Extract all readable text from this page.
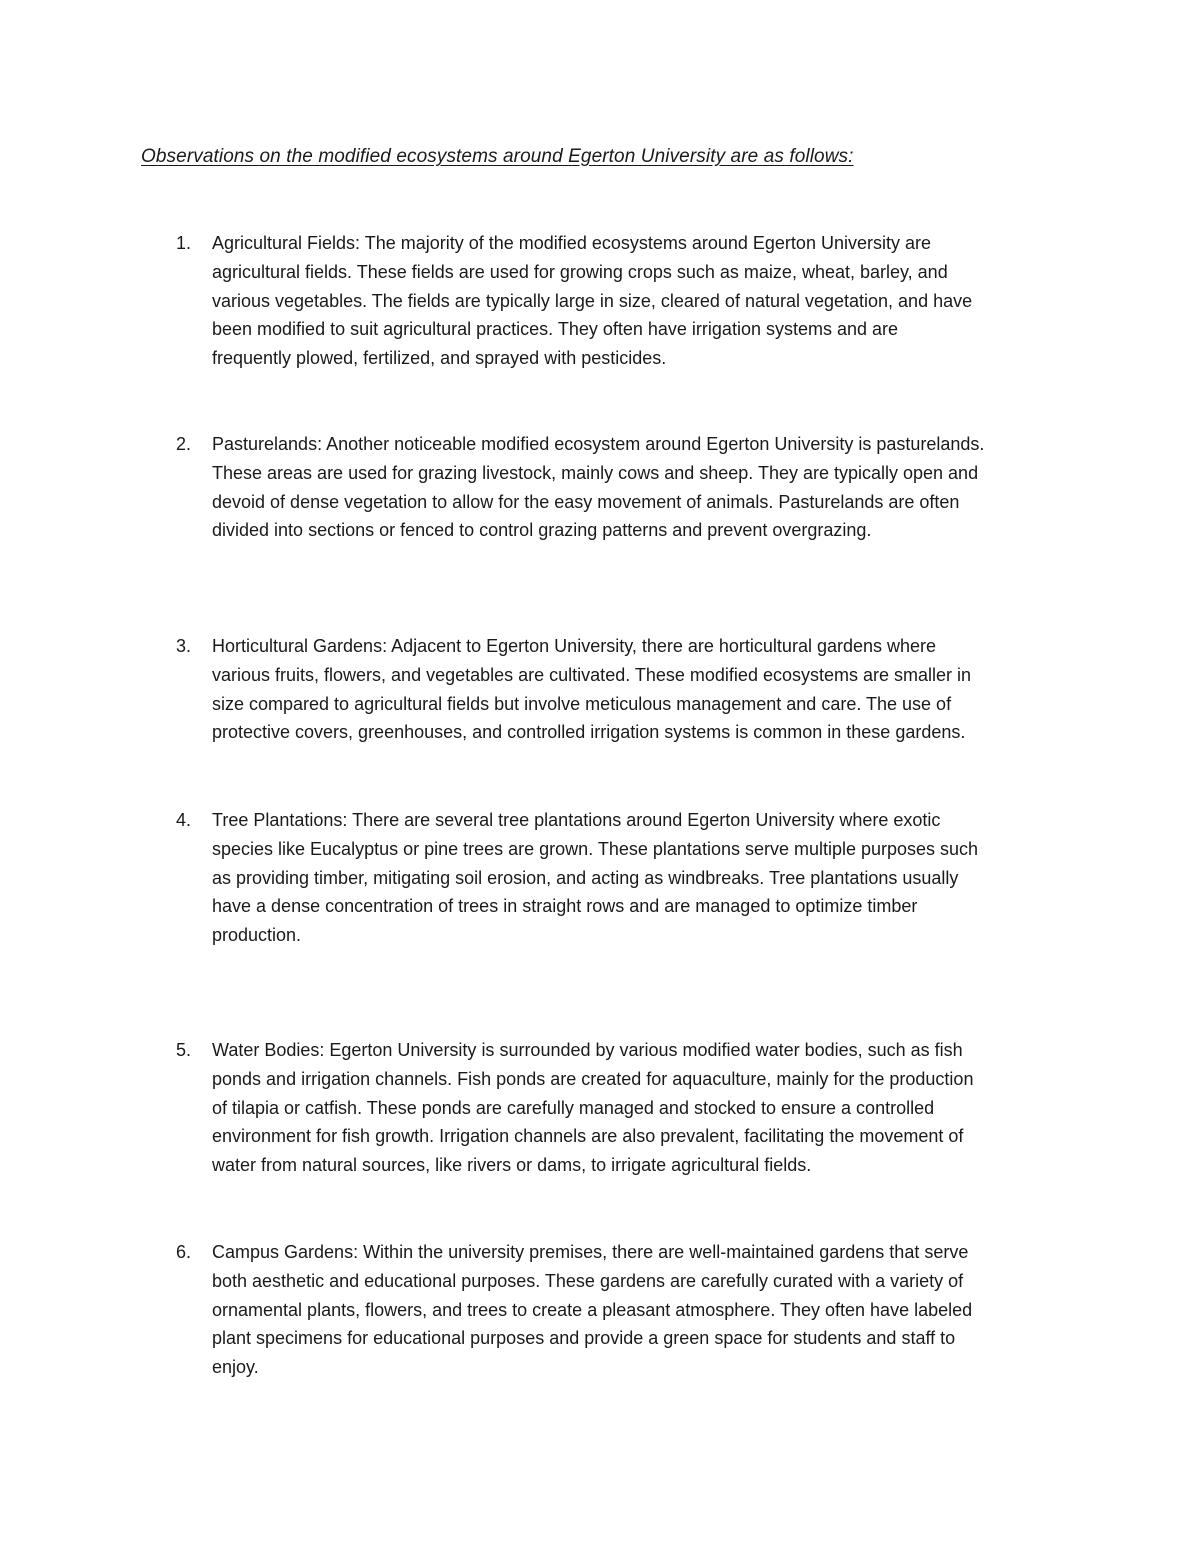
Observations on the modified ecosystems around Egerton University are as follows:
1. Agricultural Fields: The majority of the modified ecosystems around Egerton University are
agricultural fields. These fields are used for growing crops such as maize, wheat, barley, and
various vegetables. The fields are typically large in size, cleared of natural vegetation, and have
been modified to suit agricultural practices. They often have irrigation systems and are
frequently plowed, fertilized, and sprayed with pesticides.

2. Pasturelands: Another noticeable modified ecosystem around Egerton University is pasturelands.
These areas are used for grazing livestock, mainly cows and sheep. They are typically open and
devoid of dense vegetation to allow for the easy movement of animals. Pasturelands are often
divided into sections or fenced to control grazing patterns and prevent overgrazing.

3. Horticultural Gardens: Adjacent to Egerton University, there are horticultural gardens where
various fruits, flowers, and vegetables are cultivated. These modified ecosystems are smaller in
size compared to agricultural fields but involve meticulous management and care. The use of
protective covers, greenhouses, and controlled irrigation systems is common in these gardens.

4. Tree Plantations: There are several tree plantations around Egerton University where exotic
species like Eucalyptus or pine trees are grown. These plantations serve multiple purposes such
as providing timber, mitigating soil erosion, and acting as windbreaks. Tree plantations usually
have a dense concentration of trees in straight rows and are managed to optimize timber
production.

5. Water Bodies: Egerton University is surrounded by various modified water bodies, such as fish
ponds and irrigation channels. Fish ponds are created for aquaculture, mainly for the production
of tilapia or catfish. These ponds are carefully managed and stocked to ensure a controlled
environment for fish growth. Irrigation channels are also prevalent, facilitating the movement of
water from natural sources, like rivers or dams, to irrigate agricultural fields.

6. Campus Gardens: Within the university premises, there are well-maintained gardens that serve
both aesthetic and educational purposes. These gardens are carefully curated with a variety of
ornamental plants, flowers, and trees to create a pleasant atmosphere. They often have labeled
plant specimens for educational purposes and provide a green space for students and staff to
enjoy.
